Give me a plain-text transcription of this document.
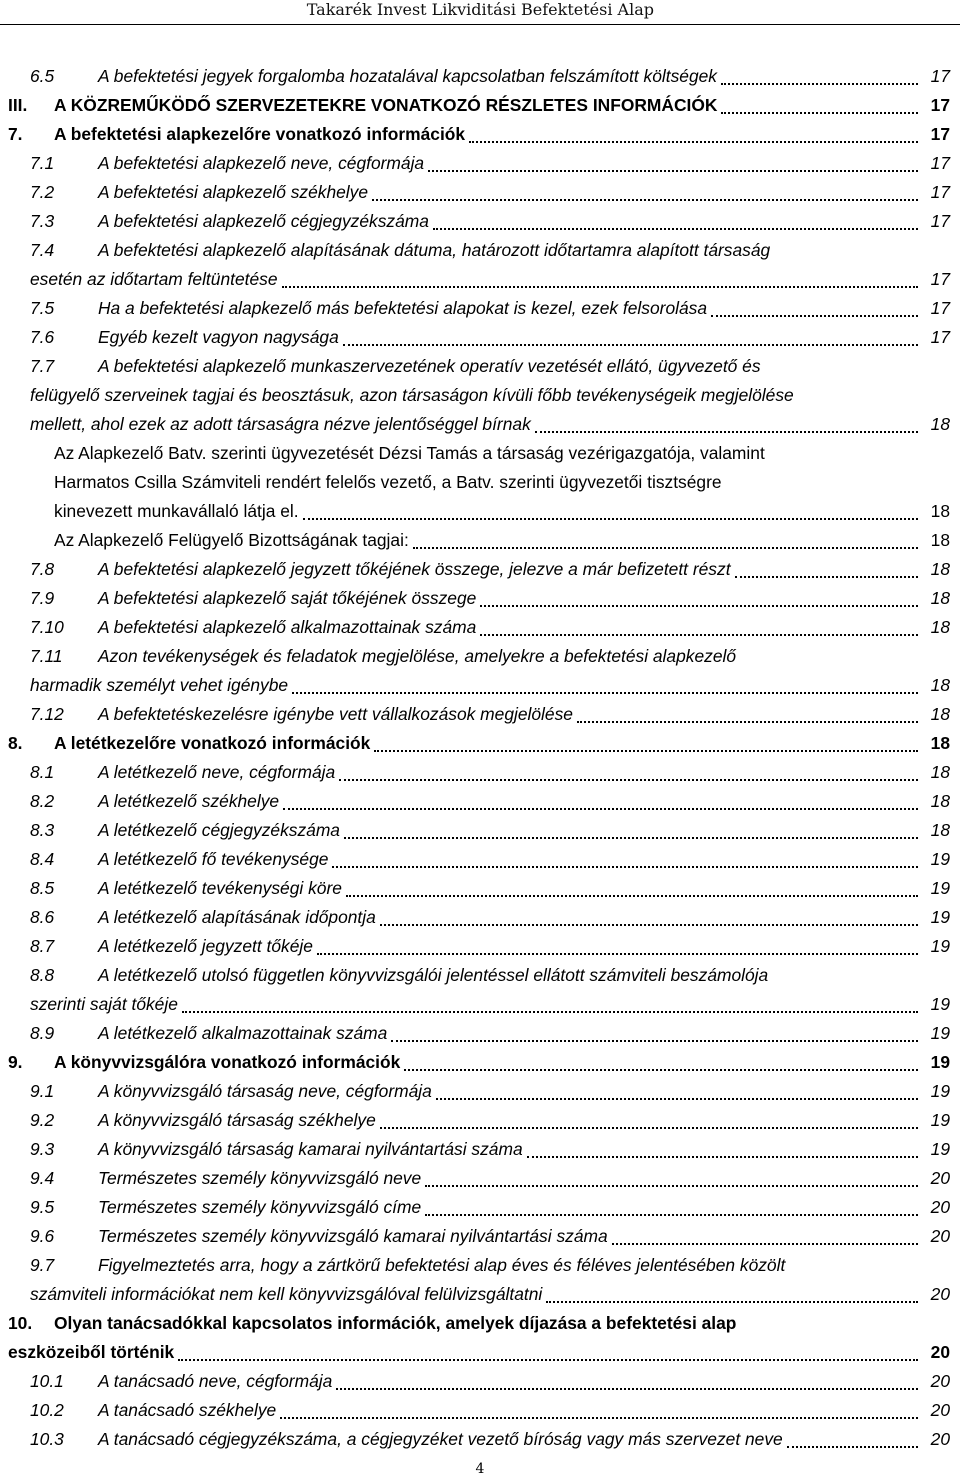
Takarék Invest Likviditási Befektetési Alap
6.5	A befektetési jegyek forgalomba hozatalával kapcsolatban felszámított költségek	17
III. A KÖZREMŰKÖDŐ SZERVEZETEKRE VONATKOZÓ RÉSZLETES INFORMÁCIÓK	17
7. A befektetési alapkezelőre vonatkozó információk	17
7.1	A befektetési alapkezelő neve, cégformája	17
7.2	A befektetési alapkezelő székhelye	17
7.3	A befektetési alapkezelő cégjegyzékszáma	17
7.4	A befektetési alapkezelő alapításának dátuma, határozott időtartamra alapított társaság
esetén az időtartam feltüntetése	17
7.5	Ha a befektetési alapkezelő más befektetési alapokat is kezel, ezek felsorolása	17
7.6	Egyéb kezelt vagyon nagysága	17
7.7	A befektetési alapkezelő munkaszervezetének operatív vezetését ellátó, ügyvezető és
felügyelő szerveinek tagjai és beosztásuk, azon társaságon kívüli főbb tevékenységeik megjelölése
mellett, ahol ezek az adott társaságra nézve jelentőséggel bírnak	18
Az Alapkezelő Batv. szerinti ügyvezetését Dézsi Tamás a társaság vezérigazgatója, valamint
Harmatos Csilla Számviteli rendért felelős vezető, a Batv. szerinti ügyvezetői tisztségre
kinevezett munkavállaló látja el.	18
Az Alapkezelő Felügyelő Bizottságának tagjai:	18
7.8	A befektetési alapkezelő jegyzett tőkéjének összege, jelezve a már befizetett részt	18
7.9	A befektetési alapkezelő saját tőkéjének összege	18
7.10 A befektetési alapkezelő alkalmazottainak száma	18
7.11 Azon tevékenységek és feladatok megjelölése, amelyekre a befektetési alapkezelő
harmadik személyt vehet igénybe	18
7.12 A befektetéskezelésre igénybe vett vállalkozások megjelölése	18
8. A letétkezelőre vonatkozó információk	18
8.1	A letétkezelő neve, cégformája	18
8.2	A letétkezelő székhelye	18
8.3	A letétkezelő cégjegyzékszáma	18
8.4	A letétkezelő fő tevékenysége	19
8.5	A letétkezelő tevékenységi köre	19
8.6	A letétkezelő alapításának időpontja	19
8.7	A letétkezelő jegyzett tőkéje	19
8.8	A letétkezelő utolsó független könyvvizsgálói jelentéssel ellátott számviteli beszámolója
szerinti saját tőkéje	19
8.9	A letétkezelő alkalmazottainak száma	19
9. A könyvvizsgálóra vonatkozó információk	19
9.1	A könyvvizsgáló társaság neve, cégformája	19
9.2	A könyvvizsgáló társaság székhelye	19
9.3	A könyvvizsgáló társaság kamarai nyilvántartási száma	19
9.4	Természetes személy könyvvizsgáló neve	20
9.5	Természetes személy könyvvizsgáló címe	20
9.6	Természetes személy könyvvizsgáló kamarai nyilvántartási száma	20
9.7	Figyelmeztetés arra, hogy a zártkörű befektetési alap éves és féléves jelentésében közölt
számviteli információkat nem kell könyvvizsgálóval felülvizsgáltatni	20
10. Olyan tanácsadókkal kapcsolatos információk, amelyek díjazása a befektetési alap
eszközeiből történik	20
10.1 A tanácsadó neve, cégformája	20
10.2 A tanácsadó székhelye	20
10.3 A tanácsadó cégjegyzékszáma, a cégjegyzéket vezető bíróság vagy más szervezet neve	20
4
